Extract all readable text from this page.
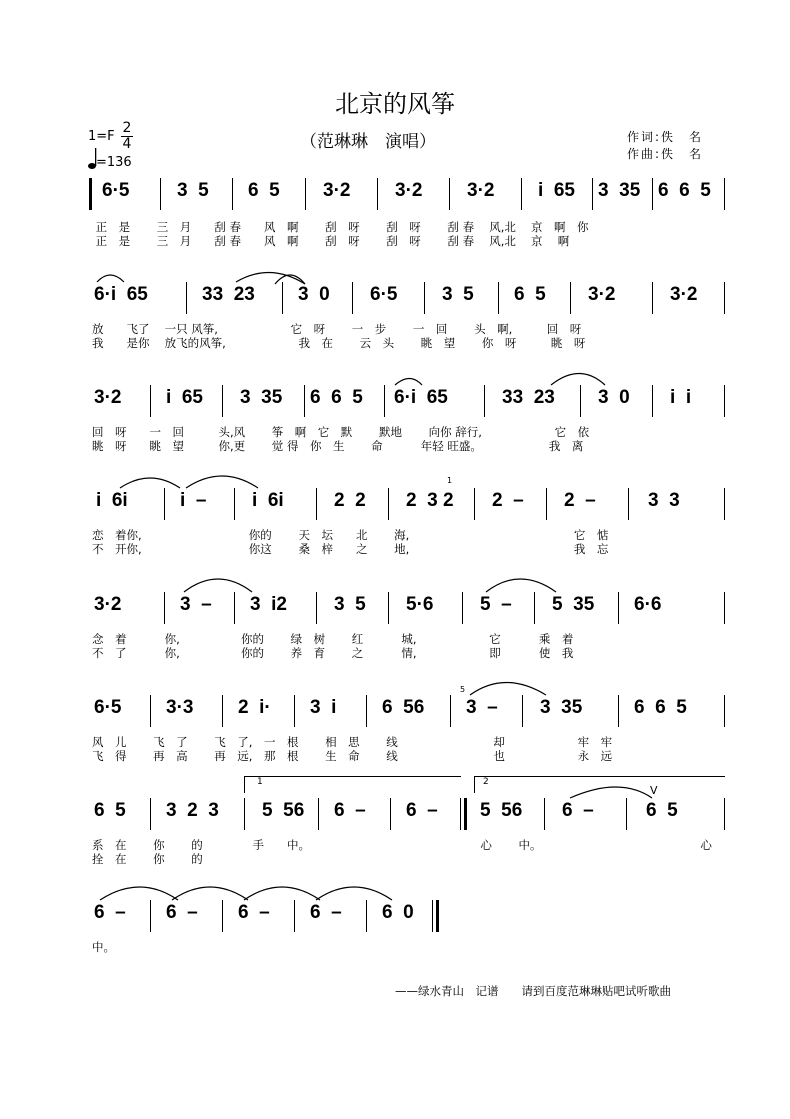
北京的风筝
（范琳琳　演唱）
1=F
2
4
=136
作词:佚　名
作曲:佚　名
6·5	3  5 6  5 3·2 3·2 3·2 i  65 3  35 6  6  5
正　是　　 三　月　　刮 春　　风　啊　　 刮　呀　　 刮　呀　　 刮 春　 风,北　 京　啊　你
正　是　　 三　月　　刮 春　　风　啊　　 刮　呀　　 刮　呀　　 刮 春　 风,北　 京　 啊
6·i  65	33  23 3  0 6·5 3  5 6  5 3·2	3·2
放　　飞了　 一只 风筝,　　　　　　 它　呀　　 一　步　　 一　回　　 头　啊,　　　回　呀
我　　是你　 放飞的风筝,　　　　　　 我　在　　 云　头　　 眺　望　　 你　呀　　　眺　呀
3·2 i  65 3  35 6  6  5 6·i  65	33  23 3  0 i  i
回　呀　　一　回　　　头,风　　 筝　啊　它　默　　 默地　　 向你 辞行,　　　　　　 它　依
眺　呀　　眺　望　　　你,更　　 觉 得　你　生　　 命　　　 年轻 旺盛。　　　　　　 我　离
i  6i	i  – i  6i	2  2 2  3 2 2  – 2  –	3  3
1
恋　着你,　　　　　　　　　 你的　　 天　坛　　北　　 海,　　　　　　　　　　　　　　 它　惦
不　开你,　　　　　　　　　 你这　　 桑　梓　　之　　 地,　　　　　　　　　　　　　　 我　忘
3·2	3  – 3  i2 3  5 5·6 5  – 5  35 6·6
念　着　　　 你,　　　　　 你的　　 绿　树　　 红　　　 城,　　　　　　 它　　　 乘　着
不　了　　　 你,　　　　　 你的　　 养　育　　 之　　　 情,　　　　　　 即　　　 使　我
6·5 3·3 2  i· 3  i 6  56 3  – 3  35	6  6  5
5
风　儿　　 飞　了　　 飞　了,　一　根　　 相　思　　 线　　　　　　　　 却　　　　　　 牢　牢
飞　得　　 再　高　　 再　远,　那　根　　 生　命　　 线　　　　　　　　 也　　　　　　 永　远
6  5 3  2  3 5  56 6  – 6  – 5  56 6  –	6  5
1	2
V
系　在　　 你　　 的　　　　 手　　中。　　　　　　　　　　　　　　　 心　　 中。　　　　　　　　　　　　　　 心
拴　在　　 你　　 的
6  – 6  – 6  – 6  – 6  0
中。
——绿水青山　记谱　　请到百度范琳琳贴吧试听歌曲
